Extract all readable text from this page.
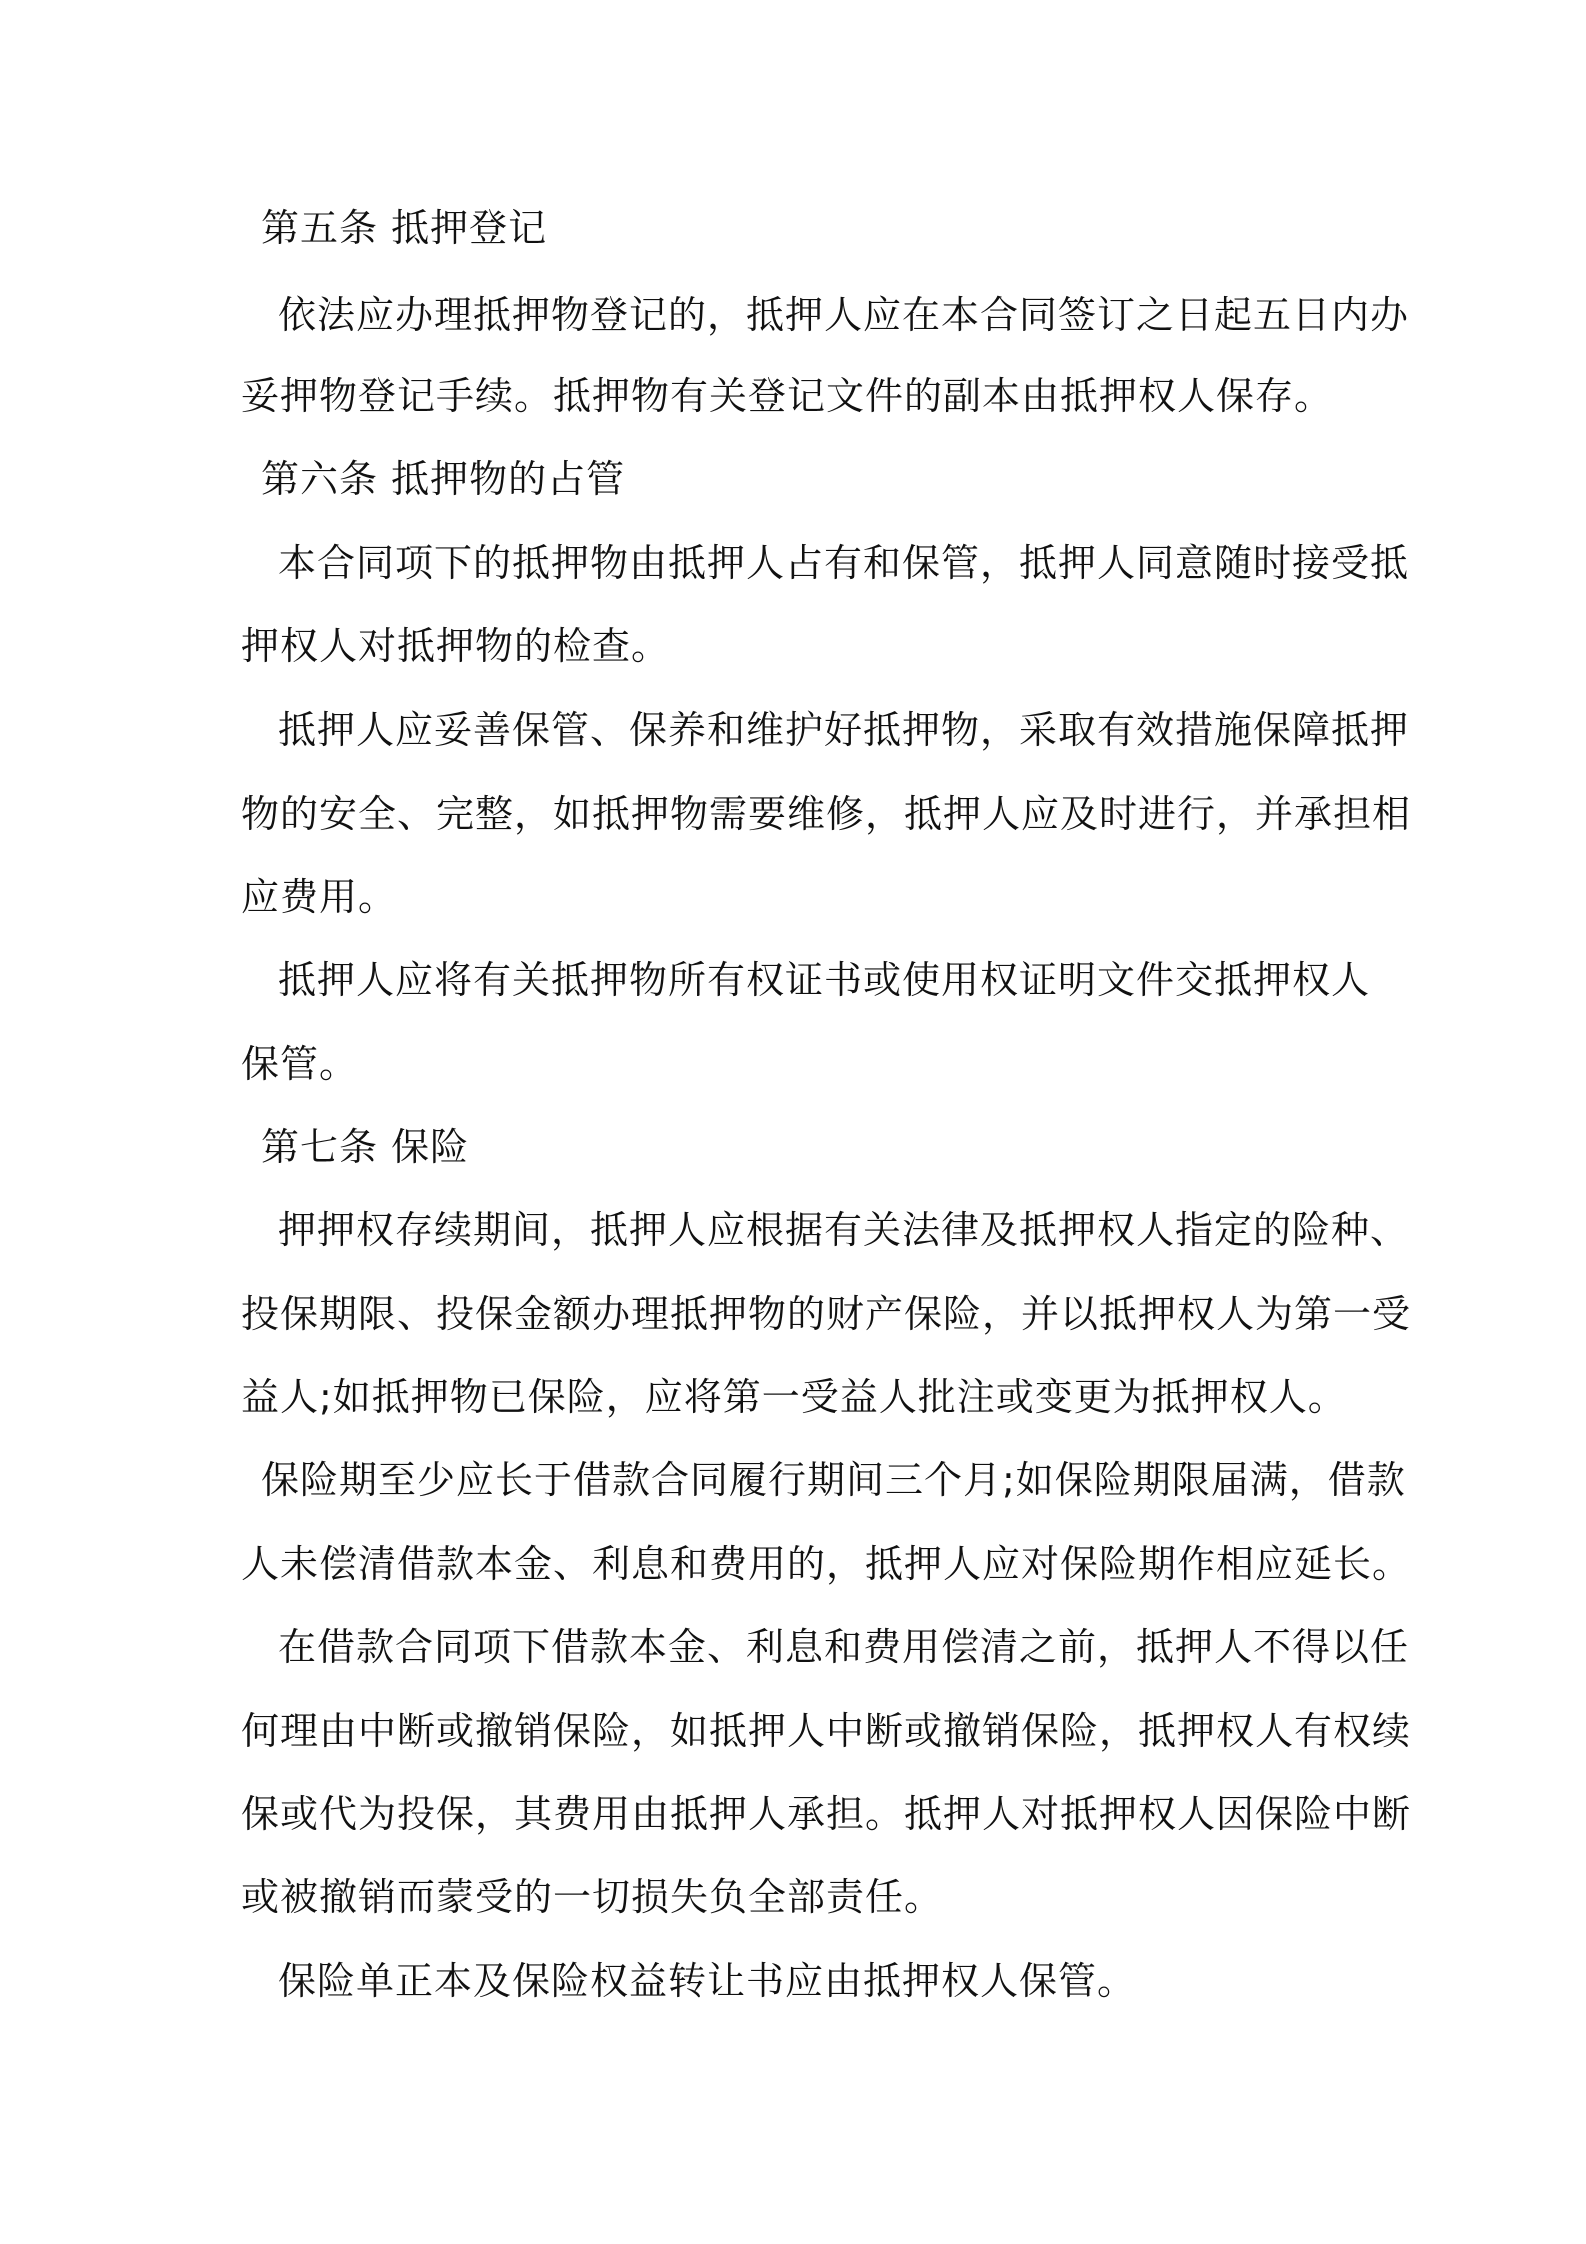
第五条 抵押登记

依法应办理抵押物登记的，抵押人应在本合同签订之日起五日内办

妥押物登记手续。抵押物有关登记文件的副本由抵押权人保存。

第六条 抵押物的占管

本合同项下的抵押物由抵押人占有和保管，抵押人同意随时接受抵

押权人对抵押物的检查。

抵押人应妥善保管、保养和维护好抵押物，采取有效措施保障抵押

物的安全、完整，如抵押物需要维修，抵押人应及时进行，并承担相

应费用。

抵押人应将有关抵押物所有权证书或使用权证明文件交抵押权人

保管。

第七条 保险

押押权存续期间，抵押人应根据有关法律及抵押权人指定的险种、

投保期限、投保金额办理抵押物的财产保险，并以抵押权人为第一受

益人;如抵押物已保险，应将第一受益人批注或变更为抵押权人。

保险期至少应长于借款合同履行期间三个月;如保险期限届满，借款

人未偿清借款本金、利息和费用的，抵押人应对保险期作相应延长。

在借款合同项下借款本金、利息和费用偿清之前，抵押人不得以任

何理由中断或撤销保险，如抵押人中断或撤销保险，抵押权人有权续

保或代为投保，其费用由抵押人承担。抵押人对抵押权人因保险中断

或被撤销而蒙受的一切损失负全部责任。

保险单正本及保险权益转让书应由抵押权人保管。
